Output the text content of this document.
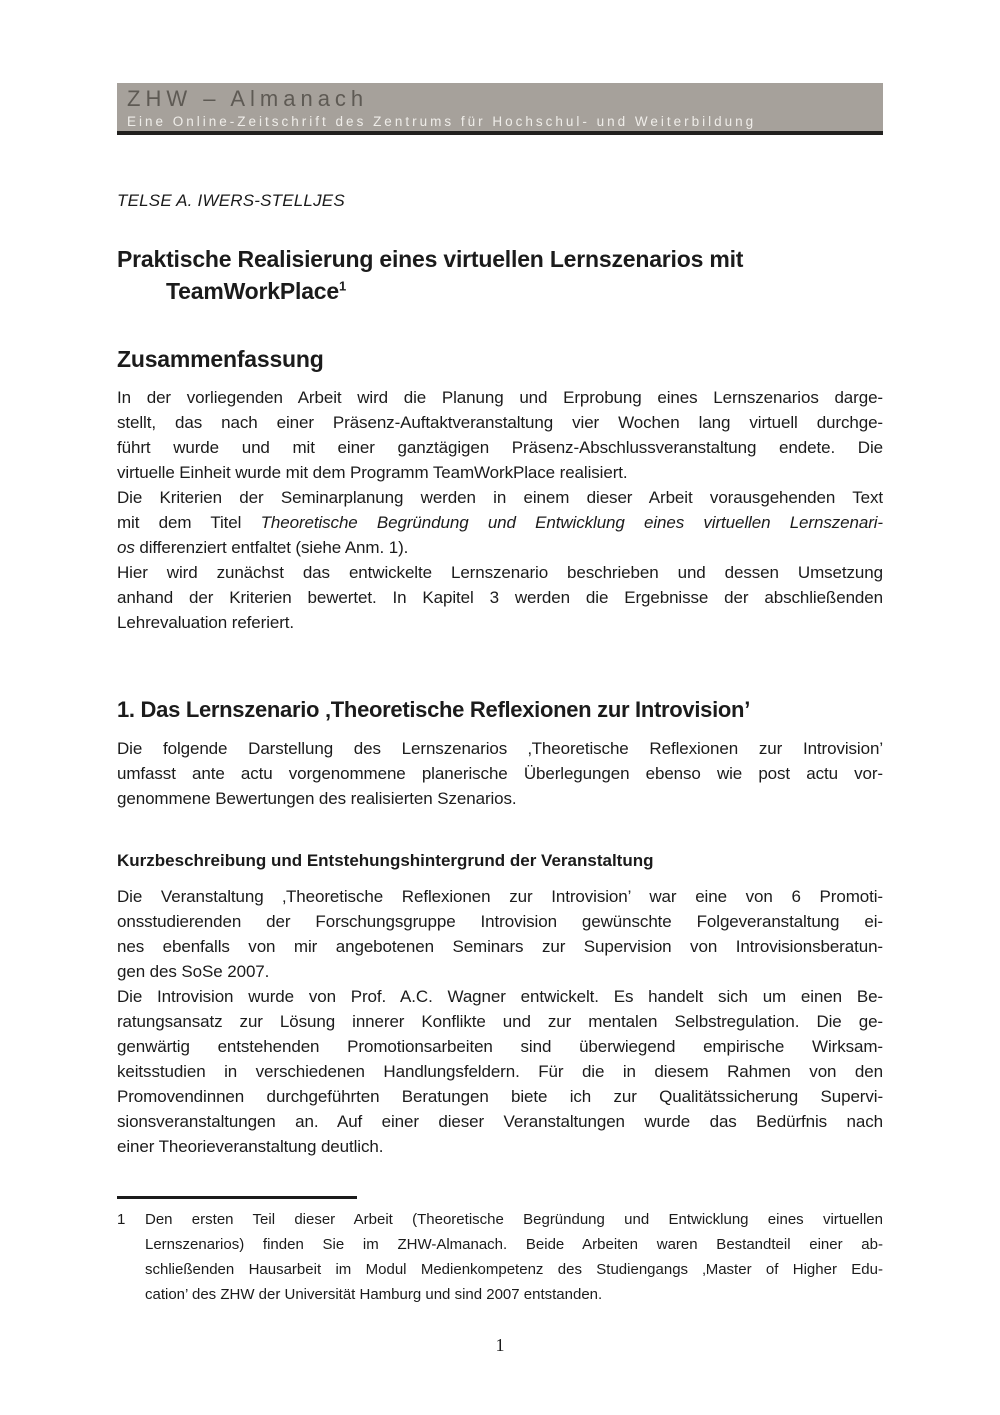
ZHW – Almanach
Eine Online-Zeitschrift des Zentrums für Hochschul- und Weiterbildung
TELSE A. IWERS-STELLJES
Praktische Realisierung eines virtuellen Lernszenarios mit
TeamWorkPlace$^1$
Zusammenfassung
In der vorliegenden Arbeit wird die Planung und Erprobung eines Lernszenarios darge-
stellt, das nach einer Präsenz-Auftaktveranstaltung vier Wochen lang virtuell durchge-
führt wurde und mit einer ganztägigen Präsenz-Abschlussveranstaltung endete. Die
virtuelle Einheit wurde mit dem Programm TeamWorkPlace realisiert.
Die Kriterien der Seminarplanung werden in einem dieser Arbeit vorausgehenden Text
mit dem Titel Theoretische Begründung und Entwicklung eines virtuellen Lernszenari-
os differenziert entfaltet (siehe Anm. 1).
Hier wird zunächst das entwickelte Lernszenario beschrieben und dessen Umsetzung
anhand der Kriterien bewertet. In Kapitel 3 werden die Ergebnisse der abschließenden
Lehrevaluation referiert.
1. Das Lernszenario ‚Theoretische Reflexionen zur Introvision’
Die folgende Darstellung des Lernszenarios ‚Theoretische Reflexionen zur Introvision’
umfasst ante actu vorgenommene planerische Überlegungen ebenso wie post actu vor-
genommene Bewertungen des realisierten Szenarios.
Kurzbeschreibung und Entstehungshintergrund der Veranstaltung
Die Veranstaltung ‚Theoretische Reflexionen zur Introvision’ war eine von 6 Promoti-
onsstudierenden der Forschungsgruppe Introvision gewünschte Folgeveranstaltung ei-
nes ebenfalls von mir angebotenen Seminars zur Supervision von Introvisionsberatun-
gen des SoSe 2007.
Die Introvision wurde von Prof. A.C. Wagner entwickelt. Es handelt sich um einen Be-
ratungsansatz zur Lösung innerer Konflikte und zur mentalen Selbstregulation. Die ge-
genwärtig entstehenden Promotionsarbeiten sind überwiegend empirische Wirksam-
keitsstudien in verschiedenen Handlungsfeldern. Für die in diesem Rahmen von den
Promovendinnen durchgeführten Beratungen biete ich zur Qualitätssicherung Supervi-
sionsveranstaltungen an. Auf einer dieser Veranstaltungen wurde das Bedürfnis nach
einer Theorieveranstaltung deutlich.
1 Den ersten Teil dieser Arbeit (Theoretische Begründung und Entwicklung eines virtuellen
Lernszenarios) finden Sie im ZHW-Almanach. Beide Arbeiten waren Bestandteil einer ab-
schließenden Hausarbeit im Modul Medienkompetenz des Studiengangs ‚Master of Higher Edu-
cation’ des ZHW der Universität Hamburg und sind 2007 entstanden.
1
